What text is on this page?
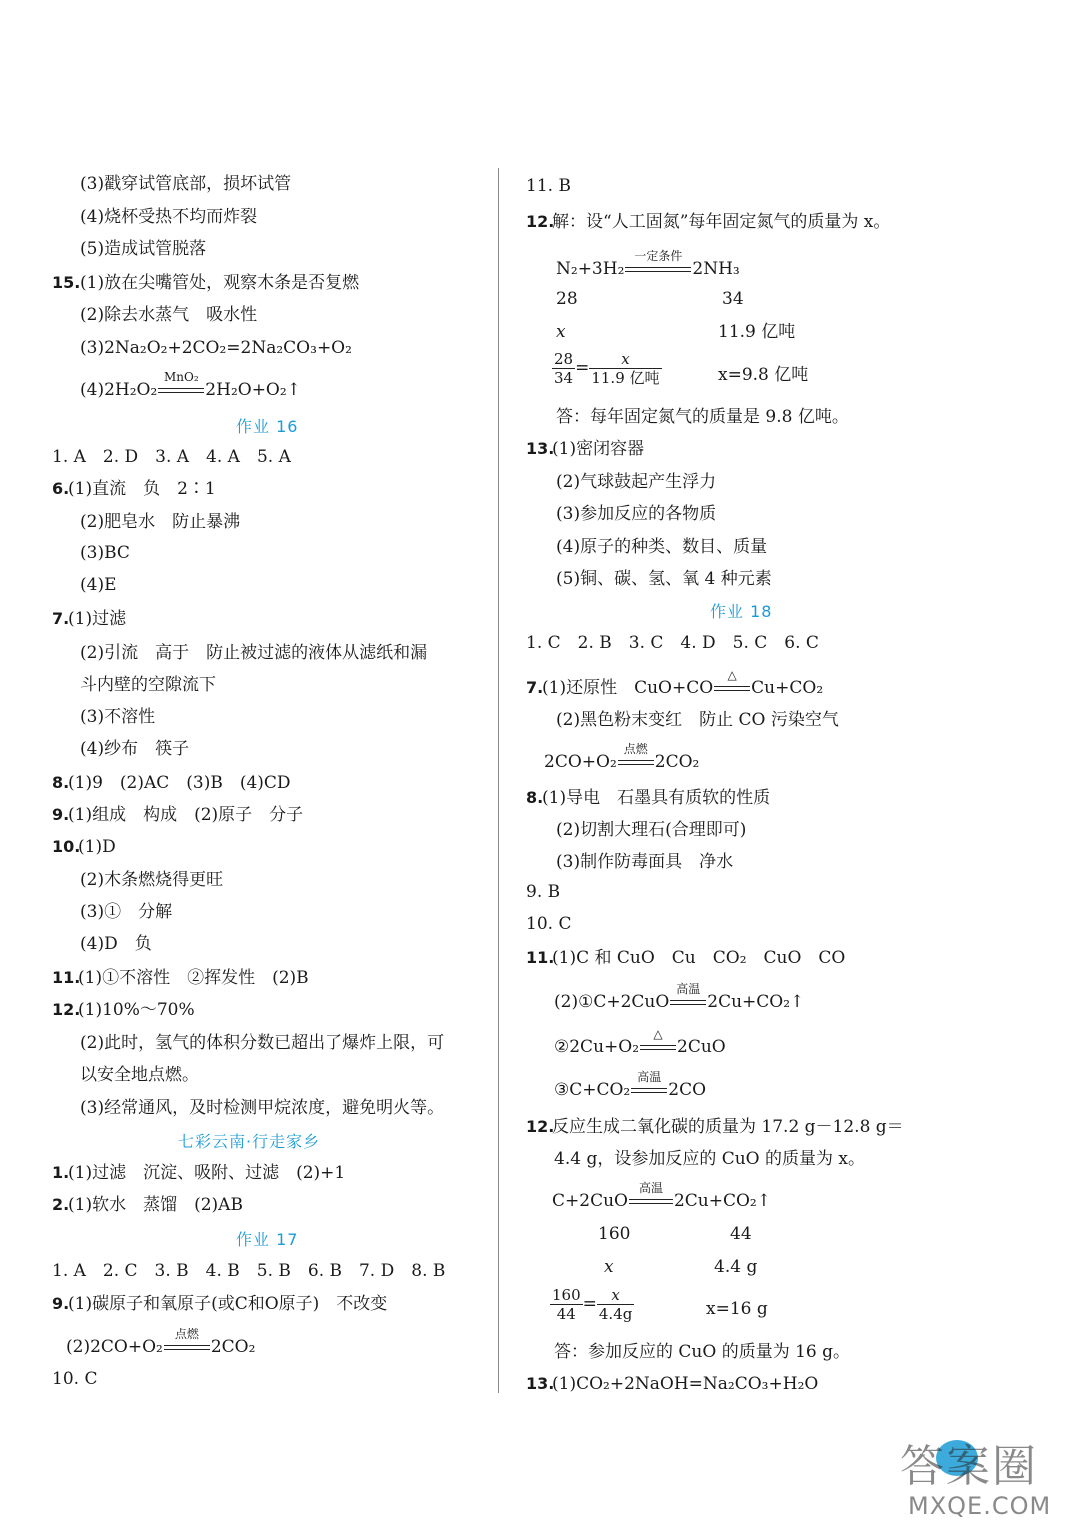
(3)戳穿试管底部，损坏试管
(4)烧杯受热不均而炸裂
(5)造成试管脱落
15. (1)放在尖嘴管处，观察木条是否复燃
(2)除去水蒸气　吸水性
(3)2Na₂O₂+2CO₂=2Na₂CO₃+O₂
(4)2H₂O₂
MnO₂
2H₂O+O₂↑
作业 16
1. A　2. D　3. A　4. A　5. A
6.
(1)直流　负　2∶1
(2)肥皂水　防止暴沸
(3)BC
(4)E
7.
(1)过滤
(2)引流　高于　防止被过滤的液体从滤纸和漏
斗内壁的空隙流下
(3)不溶性
(4)纱布　筷子
8.
(1)9　(2)AC　(3)B　(4)CD
9.
(1)组成　构成　(2)原子　分子
10.
(1)D
(2)木条燃烧得更旺
(3)①　分解
(4)D　负
11.
(1)①不溶性　②挥发性　(2)B
12.
(1)10%～70%
(2)此时，氢气的体积分数已超出了爆炸上限，可
以安全地点燃。
(3)经常通风，及时检测甲烷浓度，避免明火等。
七彩云南·行走家乡
1.
(1)过滤　沉淀、吸附、过滤　(2)+1
2.
(1)软水　蒸馏　(2)AB
作业 17
1. A　2. C　3. B　4. B　5. B　6. B　7. D　8. B
9.
(1)碳原子和氧原子(或C和O原子)　不改变
(2)2CO+O₂
点燃
2CO₂
10. C
11. B
12.
解：设“人工固氮”每年固定氮气的质量为 x。
N₂+3H₂
一定条件
2NH₃
28	34
x	11.9 亿吨
$\frac{28}{34} = \frac{x}{\text{11.9 亿吨}}$	x=9.8 亿吨
答：每年固定氮气的质量是 9.8 亿吨。
13.
(1)密闭容器
(2)气球鼓起产生浮力
(3)参加反应的各物质
(4)原子的种类、数目、质量
(5)铜、碳、氢、氧 4 种元素
作业 18
1. C　2. B　3. C　4. D　5. C　6. C
7.
(1)还原性　CuO+CO
△
Cu+CO₂
(2)黑色粉末变红　防止 CO 污染空气
2CO+O₂
点燃
2CO₂
8.
(1)导电　石墨具有质软的性质
(2)切割大理石(合理即可)
(3)制作防毒面具　净水
9. B
10. C
11.
(1)C 和 CuO　Cu　CO₂　CuO　CO
(2)①C+2CuO
高温
2Cu+CO₂↑
②2Cu+O₂
△
2CuO
③C+CO₂
高温
2CO
12.
反应生成二氧化碳的质量为 17.2 g－12.8 g＝
4.4 g，设参加反应的 CuO 的质量为 x。
C+2CuO
高温
2Cu+CO₂↑
160	44
x	4.4 g
$\frac{160}{44} = \frac{x}{4.4g}$	x=16 g
答：参加反应的 CuO 的质量为 16 g。
13.
(1)CO₂+2NaOH=Na₂CO₃+H₂O
答案圈
MXQE.COM
